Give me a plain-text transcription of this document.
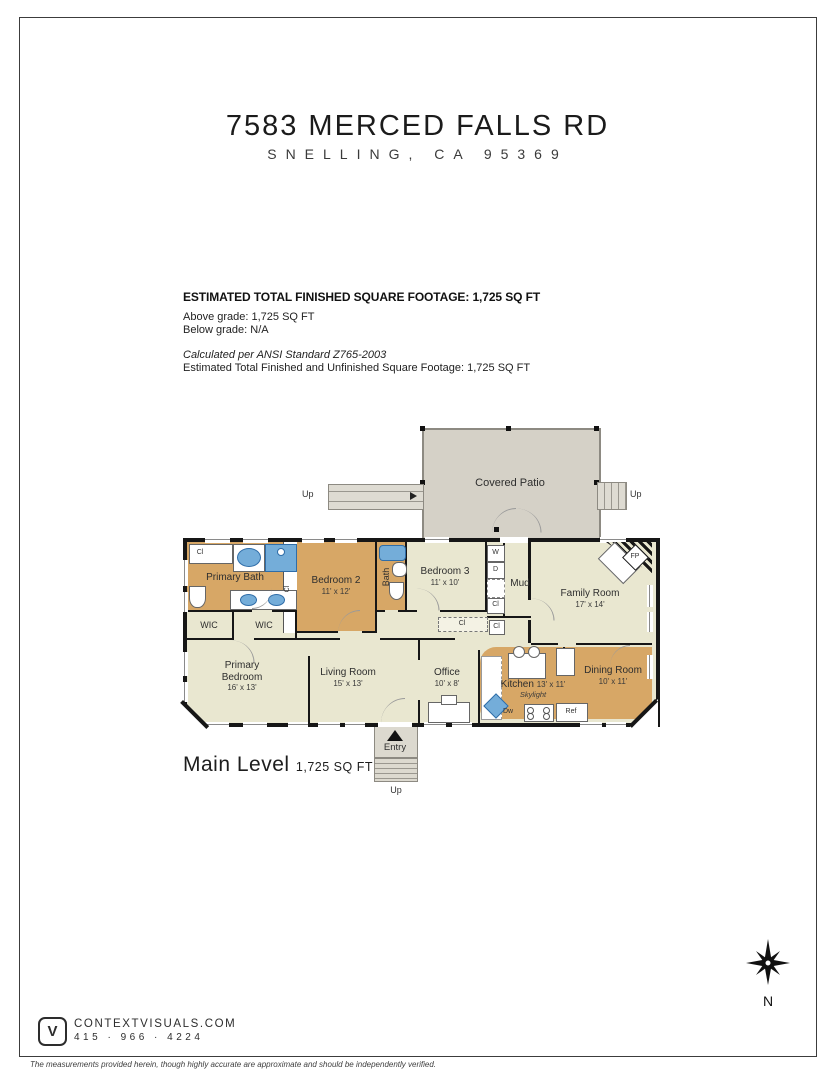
7583 MERCED FALLS RD
SNELLING, CA 95369
ESTIMATED TOTAL FINISHED SQUARE FOOTAGE: 1,725 SQ FT
Above grade: 1,725 SQ FT
Below grade: N/A
Calculated per ANSI Standard Z765-2003
Estimated Total Finished and Unfinished Square Footage: 1,725 SQ FT
Covered Patio
Up	Up
FP
Cl	W
D
Cl
Cl	Cl
Dw	Ref
Primary Bath
WIC	WIC
Bedroom 2
11' x 12'
Bath	Bedroom 3
11' x 10'	Mud
Family Room
17' x 14'
Primary Bedroom
16' x 13'
Living Room
15' x 13'
Office
10' x 8'	Kitchen 13' x 11'
Skylight
Dining Room
10' x 11'
Cl
Entry
Up
Main Level 1,725 SQ FT
N
V CONTEXTVISUALS.COM
415 · 966 · 4224
The measurements provided herein, though highly accurate are approximate and should be independently verified.
